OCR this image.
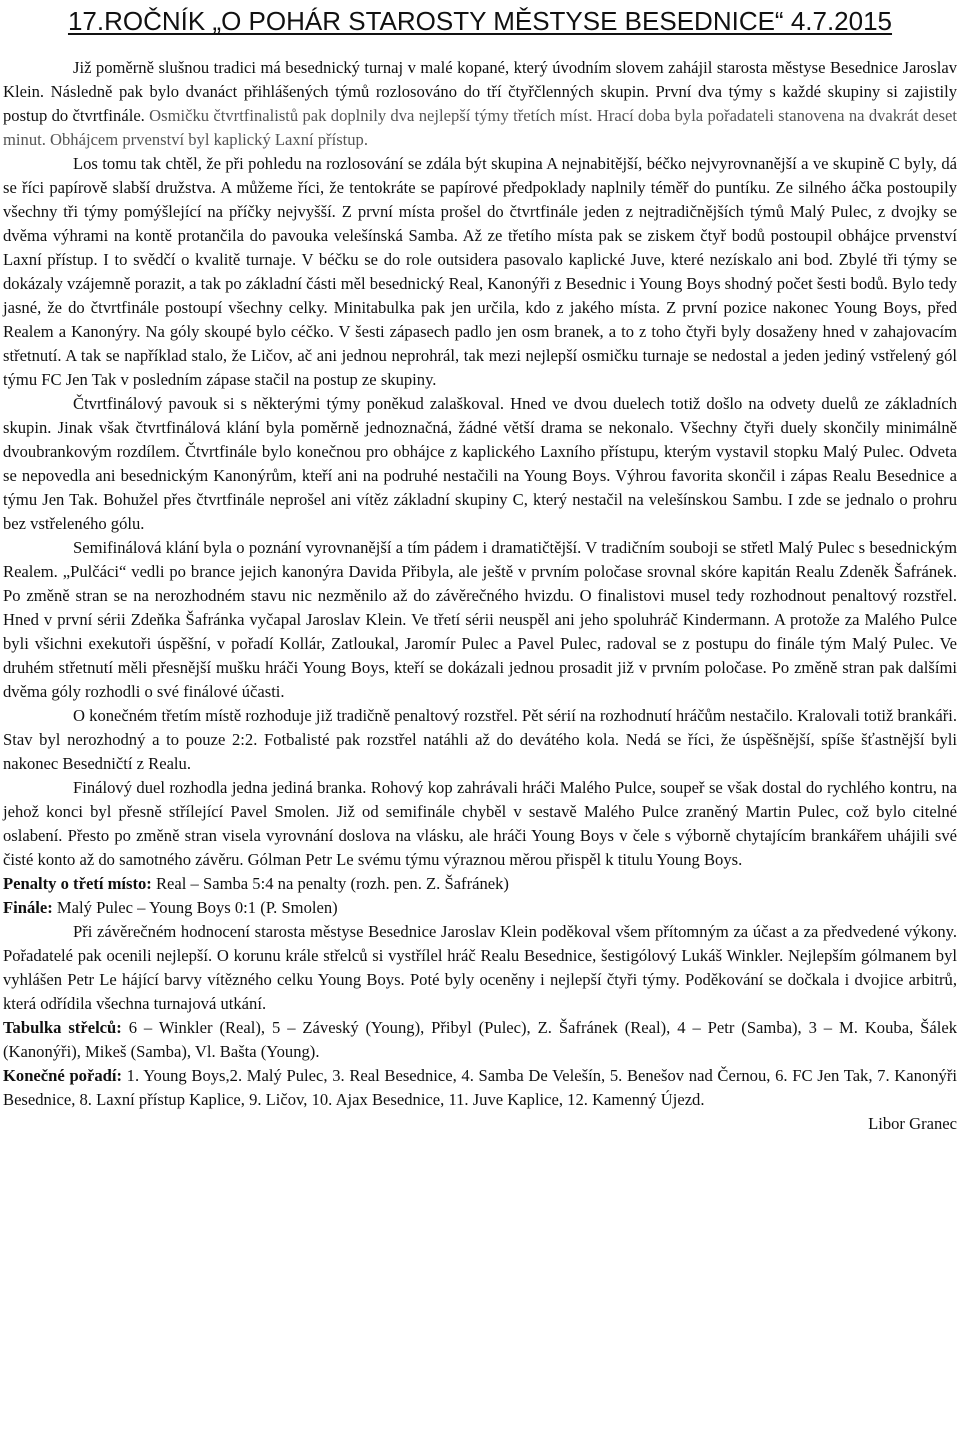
17.ROČNÍK „O POHÁR STAROSTY MĚSTYSE BESEDNICE“ 4.7.2015

Již poměrně slušnou tradici má besednický turnaj v malé kopané, který úvodním slovem zahájil starosta městyse Besednice Jaroslav Klein. Následně pak bylo dvanáct přihlášených týmů rozlosováno do tří čtyřčlenných skupin. První dva týmy s každé skupiny si zajistily postup do čtvrtfinále. Osmičku čtvrtfinalistů pak doplnily dva nejlepší týmy třetích míst. Hrací doba byla pořadateli stanovena na dvakrát deset minut. Obhájcem prvenství byl kaplický Laxní přístup.

Los tomu tak chtěl, že při pohledu na rozlosování se zdála být skupina A nejnabitější, béčko nejvyrovnanější a ve skupině C byly, dá se říci papírově slabší družstva. A můžeme říci, že tentokráte se papírové předpoklady naplnily téměř do puntíku. Ze silného áčka postoupily všechny tři týmy pomýšlející na příčky nejvyšší. Z první místa prošel do čtvrtfinále jeden z nejtradičnějších týmů Malý Pulec, z dvojky se dvěma výhrami na kontě protančila do pavouka velešínská Samba. Až ze třetího místa pak se ziskem čtyř bodů postoupil obhájce prvenství Laxní přístup. I to svědčí o kvalitě turnaje. V béčku se do role outsidera pasovalo kaplické Juve, které nezískalo ani bod. Zbylé tři týmy se dokázaly vzájemně porazit, a tak po základní části měl besednický Real, Kanonýři z Besednic i Young Boys shodný počet šesti bodů. Bylo tedy jasné, že do čtvrtfinále postoupí všechny celky. Minitabulka pak jen určila, kdo z jakého místa. Z první pozice nakonec Young Boys, před Realem a Kanonýry. Na góly skoupé bylo céčko. V šesti zápasech padlo jen osm branek, a to z toho čtyři byly dosaženy hned v zahajovacím střetnutí. A tak se například stalo, že Ličov, ač ani jednou neprohrál, tak mezi nejlepší osmičku turnaje se nedostal a jeden jediný vstřelený gól týmu FC Jen Tak v posledním zápase stačil na postup ze skupiny.

Čtvrtfinálový pavouk si s některými týmy poněkud zalaškoval. Hned ve dvou duelech totiž došlo na odvety duelů ze základních skupin. Jinak však čtvrtfinálová klání byla poměrně jednoznačná, žádné větší drama se nekonalo. Všechny čtyři duely skončily minimálně dvoubrankovým rozdílem. Čtvrtfinále bylo konečnou pro obhájce z kaplického Laxního přístupu, kterým vystavil stopku Malý Pulec. Odveta se nepovedla ani besednickým Kanonýrům, kteří ani na podruhé nestačili na Young Boys. Výhrou favorita skončil i zápas Realu Besednice a týmu Jen Tak. Bohužel přes čtvrtfinále neprošel ani vítěz základní skupiny C, který nestačil na velešínskou Sambu. I zde se jednalo o prohru bez vstřeleného gólu.

Semifinálová klání byla o poznání vyrovnanější a tím pádem i dramatičtější. V tradičním souboji se střetl Malý Pulec s besednickým Realem. „Pulčáci“ vedli po brance jejich kanonýra Davida Přibyla, ale ještě v prvním poločase srovnal skóre kapitán Realu Zdeněk Šafránek. Po změně stran se na nerozhodném stavu nic nezměnilo až do závěrečného hvizdu. O finalistovi musel tedy rozhodnout penaltový rozstřel. Hned v první sérii Zdeňka Šafránka vyčapal Jaroslav Klein. Ve třetí sérii neuspěl ani jeho spoluhráč Kindermann. A protože za Malého Pulce byli všichni exekutoři úspěšní, v pořadí Kollár, Zatloukal, Jaromír Pulec a Pavel Pulec, radoval se z postupu do finále tým Malý Pulec. Ve druhém střetnutí měli přesnější mušku hráči Young Boys, kteří se dokázali jednou prosadit již v prvním poločase. Po změně stran pak dalšími dvěma góly rozhodli o své finálové účasti.

O konečném třetím místě rozhoduje již tradičně penaltový rozstřel. Pět sérií na rozhodnutí hráčům nestačilo. Kralovali totiž brankáři. Stav byl nerozhodný a to pouze 2:2. Fotbalisté pak rozstřel natáhli až do devátého kola. Nedá se říci, že úspěšnější, spíše šťastnější byli nakonec Besedničtí z Realu.

Finálový duel rozhodla jedna jediná branka. Rohový kop zahrávali hráči Malého Pulce, soupeř se však dostal do rychlého kontru, na jehož konci byl přesně střílející Pavel Smolen. Již od semifinále chyběl v sestavě Malého Pulce zraněný Martin Pulec, což bylo citelné oslabení. Přesto po změně stran visela vyrovnání doslova na vlásku, ale hráči Young Boys v čele s výborně chytajícím brankářem uhájili své čisté konto až do samotného závěru. Gólman Petr Le svému týmu výraznou měrou přispěl k titulu Young Boys.

Penalty o třetí místo: Real – Samba 5:4 na penalty (rozh. pen. Z. Šafránek)

Finále: Malý Pulec – Young Boys 0:1 (P. Smolen)

Při závěrečném hodnocení starosta městyse Besednice Jaroslav Klein poděkoval všem přítomným za účast a za předvedené výkony. Pořadatelé pak ocenili nejlepší. O korunu krále střelců si vystřílel hráč Realu Besednice, šestigólový Lukáš Winkler. Nejlepším gólmanem byl vyhlášen Petr Le hájící barvy vítězného celku Young Boys. Poté byly oceněny i nejlepší čtyři týmy. Poděkování se dočkala i dvojice arbitrů, která odřídila všechna turnajová utkání.

Tabulka střelců: 6 – Winkler (Real), 5 – Záveský (Young), Přibyl (Pulec), Z. Šafránek (Real), 4 – Petr (Samba), 3 – M. Kouba, Šálek (Kanonýři), Mikeš (Samba), Vl. Bašta (Young).

Konečné pořadí: 1. Young Boys,2. Malý Pulec, 3. Real Besednice, 4. Samba De Velešín, 5. Benešov nad Černou, 6. FC Jen Tak, 7. Kanonýři Besednice, 8. Laxní přístup Kaplice, 9. Ličov, 10. Ajax Besednice, 11. Juve Kaplice, 12. Kamenný Újezd.

Libor Granec
